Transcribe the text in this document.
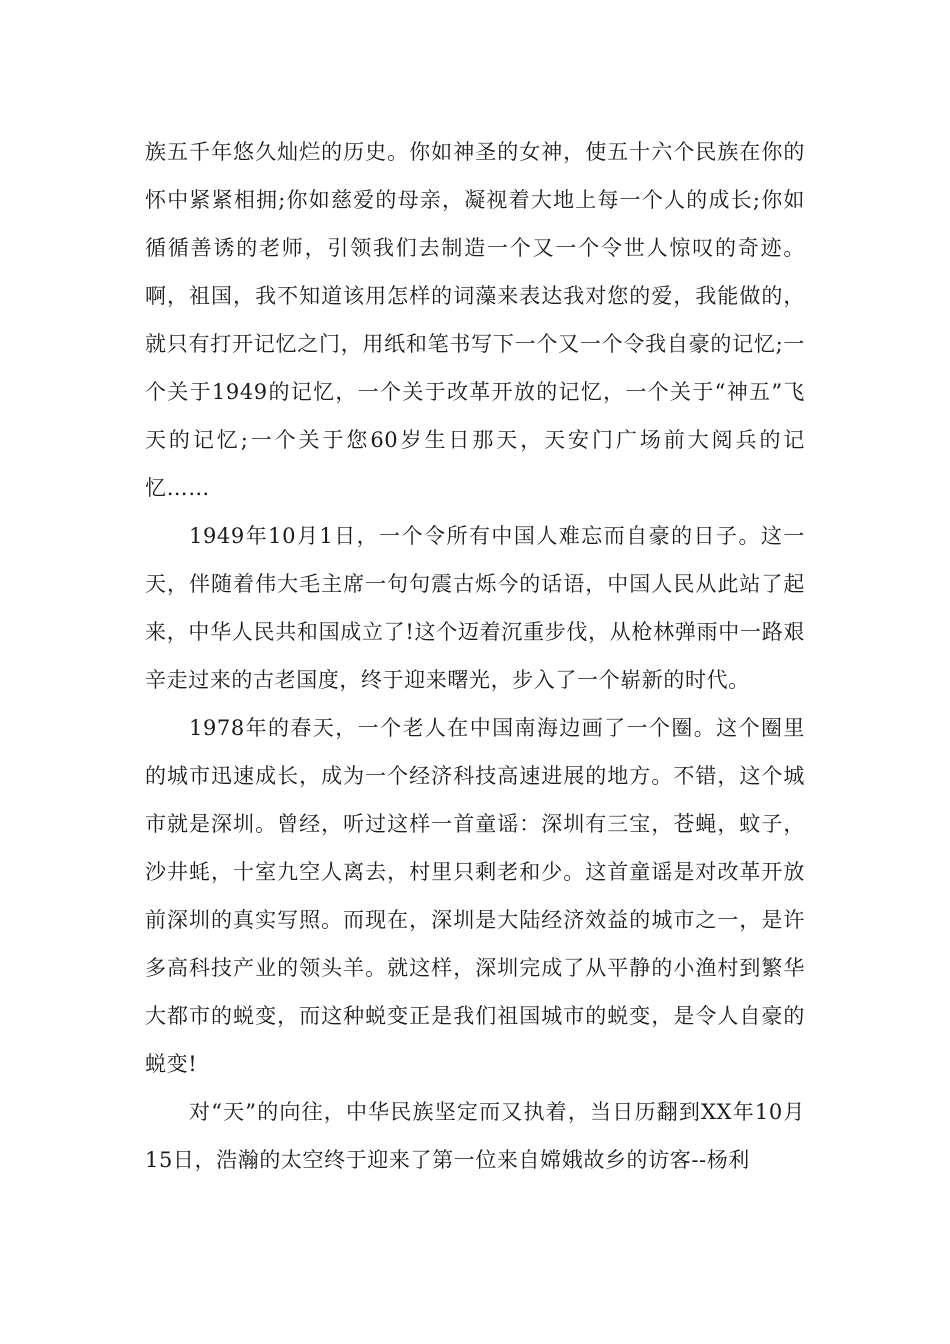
族五千年悠久灿烂的历史。你如神圣的女神，使五十六个民族在你的怀中紧紧相拥;你如慈爱的母亲，凝视着大地上每一个人的成长;你如循循善诱的老师，引领我们去制造一个又一个令世人惊叹的奇迹。啊，祖国，我不知道该用怎样的词藻来表达我对您的爱，我能做的，就只有打开记忆之门，用纸和笔书写下一个又一个令我自豪的记忆;一个关于1949的记忆，一个关于改革开放的记忆，一个关于“神五”飞天的记忆;一个关于您60岁生日那天，天安门广场前大阅兵的记忆……

1949年10月1日，一个令所有中国人难忘而自豪的日子。这一天，伴随着伟大毛主席一句句震古烁今的话语，中国人民从此站了起来，中华人民共和国成立了!这个迈着沉重步伐，从枪林弹雨中一路艰辛走过来的古老国度，终于迎来曙光，步入了一个崭新的时代。

1978年的春天，一个老人在中国南海边画了一个圈。这个圈里的城市迅速成长，成为一个经济科技高速进展的地方。不错，这个城市就是深圳。曾经，听过这样一首童谣：深圳有三宝，苍蝇，蚊子，沙井蚝，十室九空人离去，村里只剩老和少。这首童谣是对改革开放前深圳的真实写照。而现在，深圳是大陆经济效益的城市之一，是许多高科技产业的领头羊。就这样，深圳完成了从平静的小渔村到繁华大都市的蜕变，而这种蜕变正是我们祖国城市的蜕变，是令人自豪的蜕变!

对“天”的向往，中华民族坚定而又执着，当日历翻到XX年10月15日，浩瀚的太空终于迎来了第一位来自嫦娥故乡的访客--杨利
